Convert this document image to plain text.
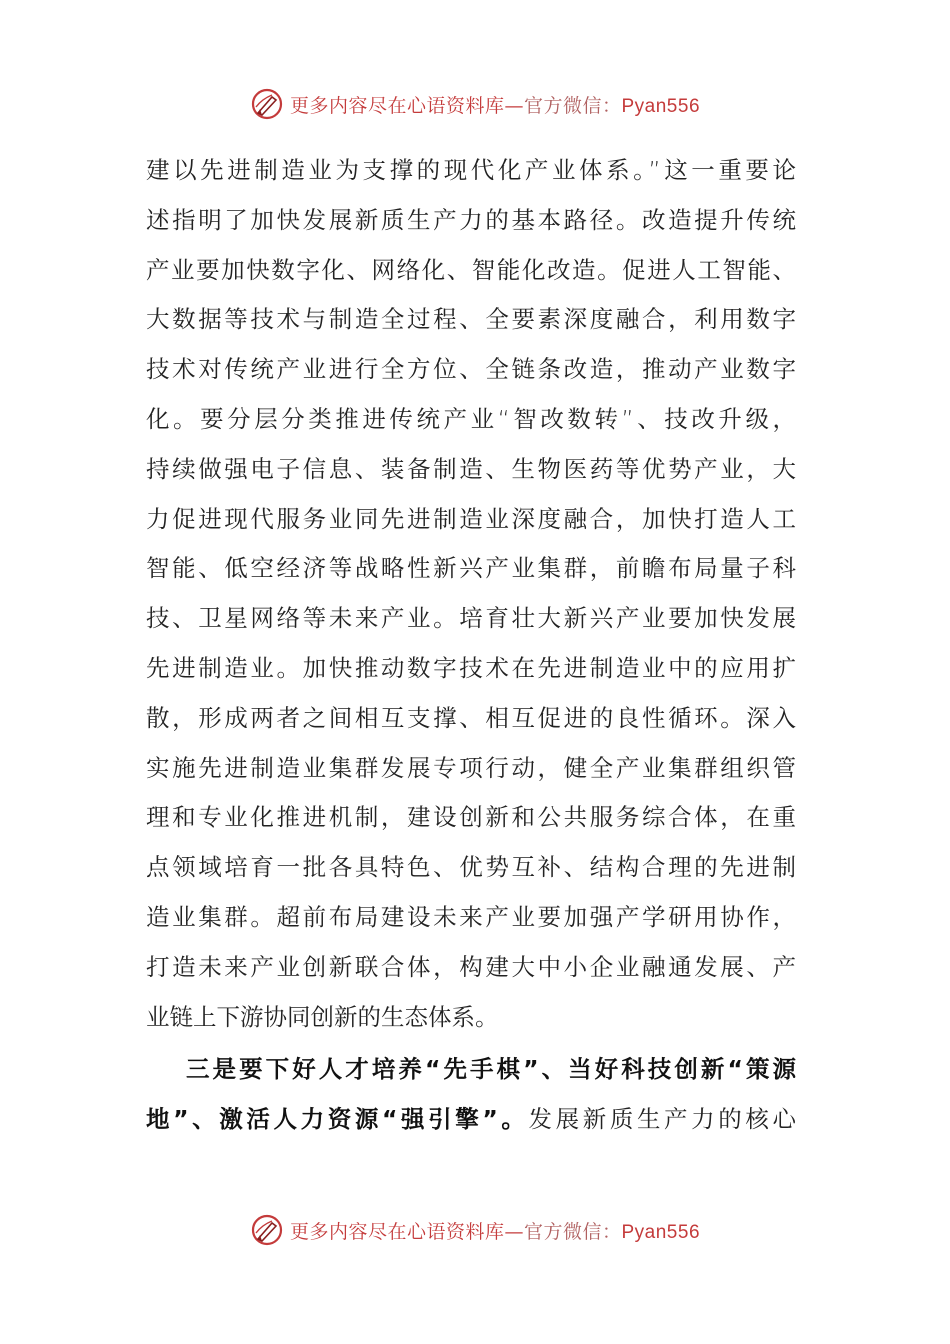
更多内容尽在心语资料库—官方微信：Pyan556
建以先进制造业为支撑的现代化产业体系。”这一重要论
述指明了加快发展新质生产力的基本路径。改造提升传统
产业要加快数字化、网络化、智能化改造。促进人工智能、
大数据等技术与制造全过程、全要素深度融合，利用数字
技术对传统产业进行全方位、全链条改造，推动产业数字
化。要分层分类推进传统产业“智改数转”、技改升级，
持续做强电子信息、装备制造、生物医药等优势产业，大
力促进现代服务业同先进制造业深度融合，加快打造人工
智能、低空经济等战略性新兴产业集群，前瞻布局量子科
技、卫星网络等未来产业。培育壮大新兴产业要加快发展
先进制造业。加快推动数字技术在先进制造业中的应用扩
散，形成两者之间相互支撑、相互促进的良性循环。深入
实施先进制造业集群发展专项行动，健全产业集群组织管
理和专业化推进机制，建设创新和公共服务综合体，在重
点领域培育一批各具特色、优势互补、结构合理的先进制
造业集群。超前布局建设未来产业要加强产学研用协作，
打造未来产业创新联合体，构建大中小企业融通发展、产
业链上下游协同创新的生态体系。
三是要下好人才培养“先手棋”、当好科技创新“策源
地”、激活人力资源“强引擎”。发展新质生产力的核心
更多内容尽在心语资料库—官方微信：Pyan556
